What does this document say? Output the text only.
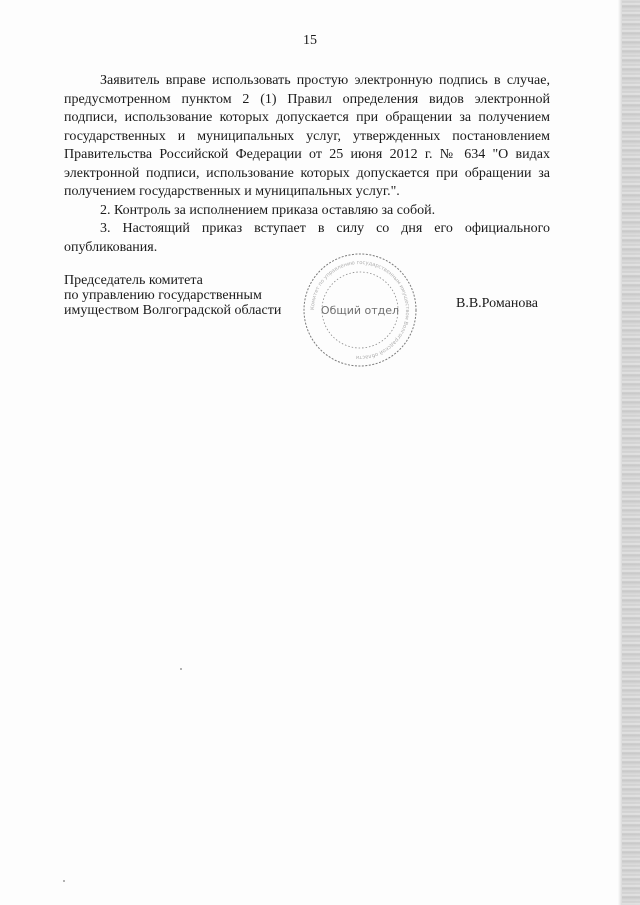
15

Заявитель вправе использовать простую электронную подпись в случае, предусмотренном пунктом 2 (1) Правил определения видов электронной подписи, использование которых допускается при обращении за получением государственных и муниципальных услуг, утвержденных постановлением Правительства Российской Федерации от 25 июня 2012 г. № 634 "О видах электронной подписи, использование которых допускается при обращении за получением государственных и муниципальных услуг.".

2. Контроль за исполнением приказа оставляю за собой.

3. Настоящий приказ вступает в силу со дня его официального опубликования.

Председатель комитета
по управлению государственным
имуществом Волгоградской области	Комитет по управлению государственным имуществом Волгоградской области
Общий отдел	В.В.Романова
